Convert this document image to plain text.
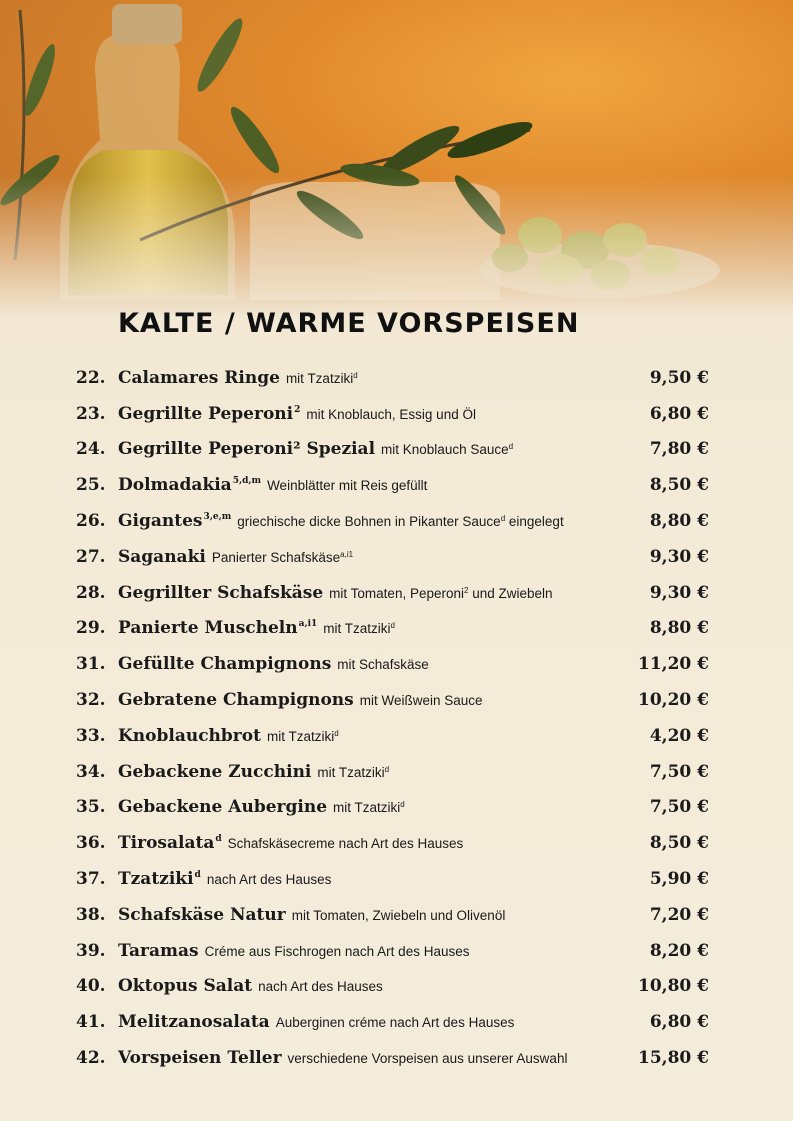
KALTE / WARME VORSPEISEN
22. Calamares Ringe mit Tzatziki$^d$	9,50 €
23. Gegrillte Peperoni$^2$ mit Knoblauch, Essig und Öl	6,80 €
24. Gegrillte Peperoni² Spezial mit Knoblauch Sauce$^d$	7,80 €
25. Dolmadakia$^{5,d,m}$ Weinblätter mit Reis gefüllt	8,50 €
26. Gigantes$^{3,e,m}$ griechische dicke Bohnen in Pikanter Sauce$^d$ eingelegt	8,80 €
27. Saganaki Panierter Schafskäse$^{a,i1}$	9,30 €
28. Gegrillter Schafskäse mit Tomaten, Peperoni$^2$ und Zwiebeln	9,30 €
29. Panierte Muscheln$^{a,i1}$ mit Tzatziki$^d$	8,80 €
31. Gefüllte Champignons mit Schafskäse	11,20 €
32. Gebratene Champignons mit Weißwein Sauce	10,20 €
33. Knoblauchbrot mit Tzatziki$^d$	4,20 €
34. Gebackene Zucchini mit Tzatziki$^d$	7,50 €
35. Gebackene Aubergine mit Tzatziki$^d$	7,50 €
36. Tirosalata$^d$ Schafskäsecreme nach Art des Hauses	8,50 €
37. Tzatziki$^d$ nach Art des Hauses	5,90 €
38. Schafskäse Natur mit Tomaten, Zwiebeln und Olivenöl	7,20 €
39. Taramas Créme aus Fischrogen nach Art des Hauses	8,20 €
40. Oktopus Salat nach Art des Hauses	10,80 €
41. Melitzanosalata Auberginen créme nach Art des Hauses	6,80 €
42. Vorspeisen Teller verschiedene Vorspeisen aus unserer Auswahl	15,80 €
